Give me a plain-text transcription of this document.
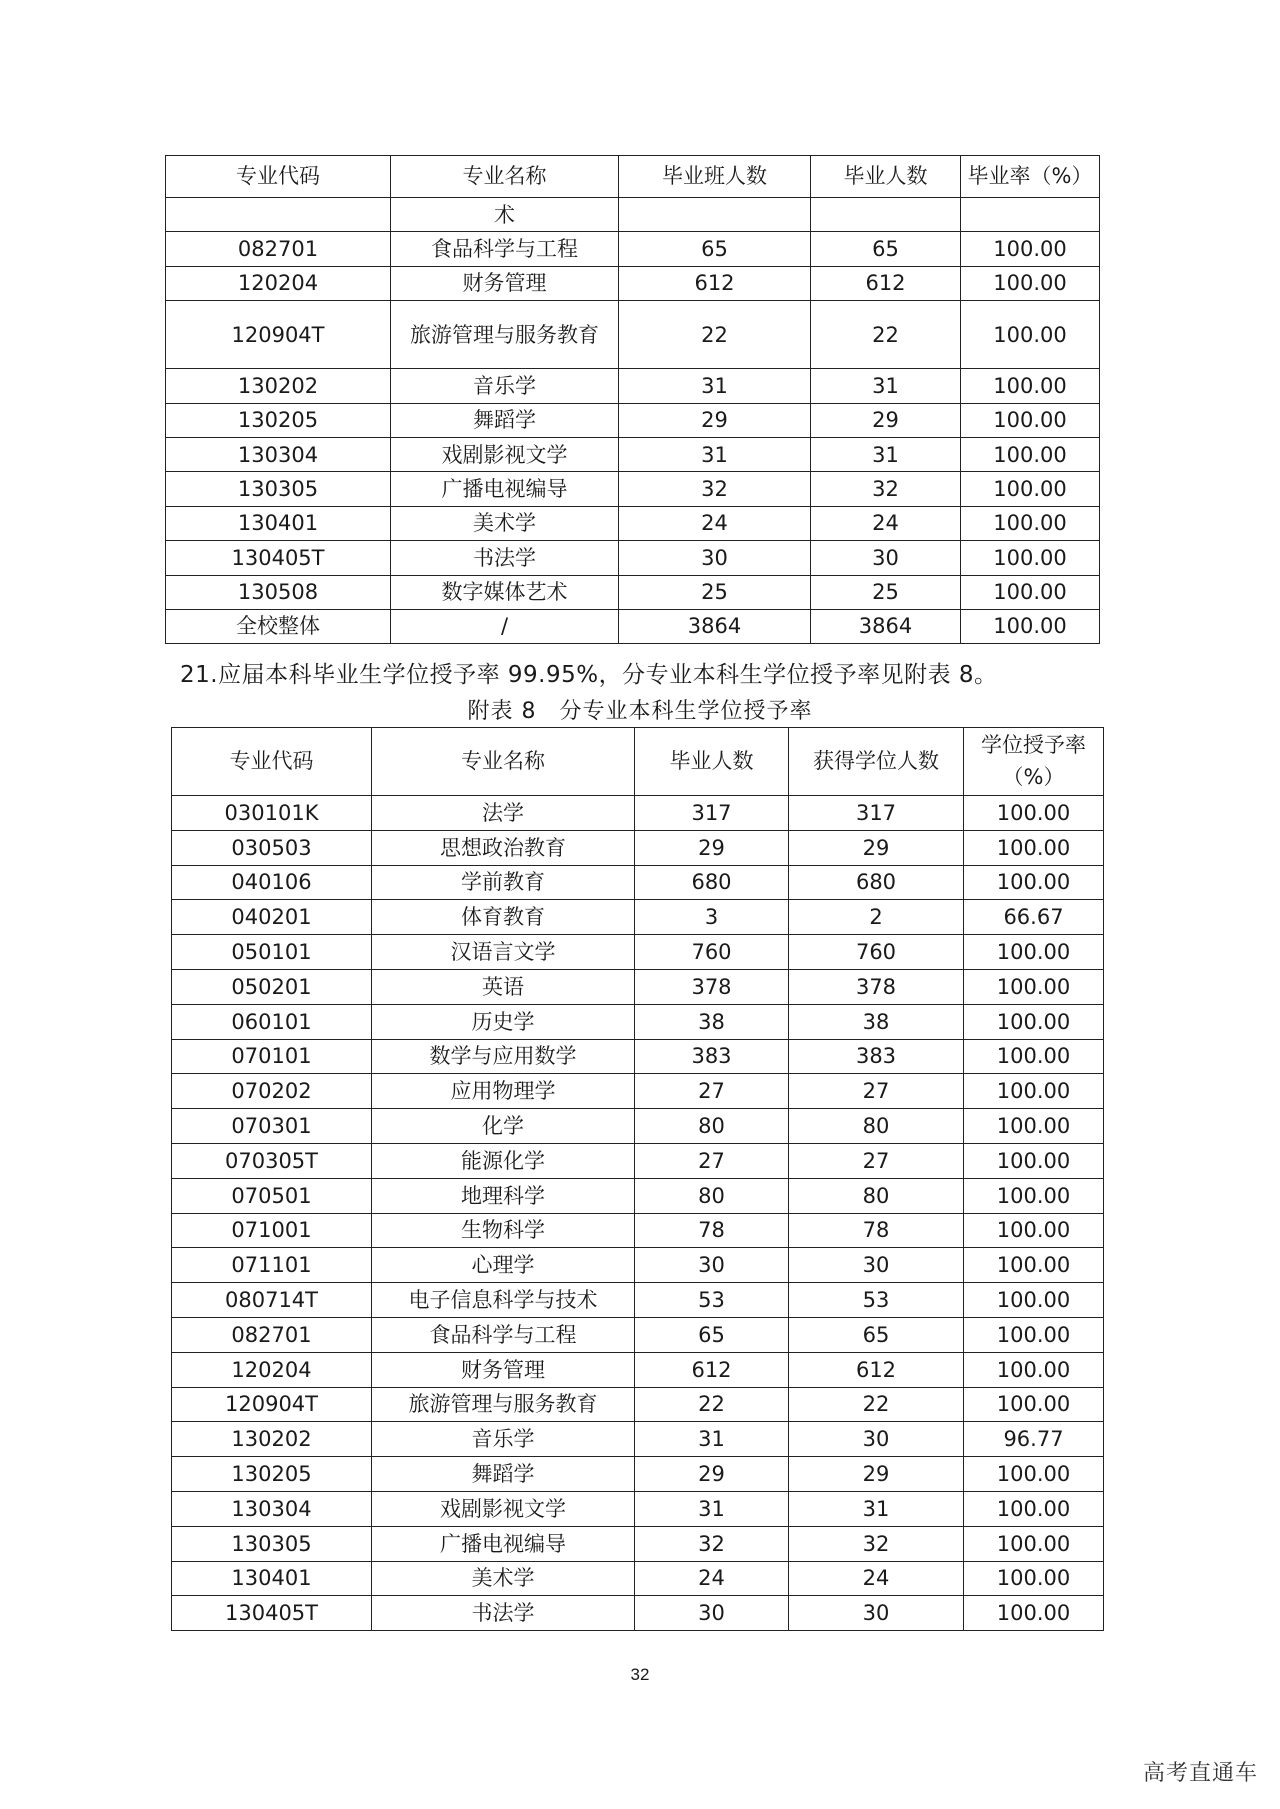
专业代码	专业名称	毕业班人数	毕业人数	毕业率（%）
	术			
082701	食品科学与工程	65	65	100.00
120204	财务管理	612	612	100.00
120904T	旅游管理与服务教育	22	22	100.00
130202	音乐学	31	31	100.00
130205	舞蹈学	29	29	100.00
130304	戏剧影视文学	31	31	100.00
130305	广播电视编导	32	32	100.00
130401	美术学	24	24	100.00
130405T	书法学	30	30	100.00
130508	数字媒体艺术	25	25	100.00
全校整体	/	3864	3864	100.00
21.应届本科毕业生学位授予率 99.95%，分专业本科生学位授予率见附表 8。
附表 8　分专业本科生学位授予率
专业代码	专业名称	毕业人数	获得学位人数	学位授予率（%）
030101K	法学	317	317	100.00
030503	思想政治教育	29	29	100.00
040106	学前教育	680	680	100.00
040201	体育教育	3	2	66.67
050101	汉语言文学	760	760	100.00
050201	英语	378	378	100.00
060101	历史学	38	38	100.00
070101	数学与应用数学	383	383	100.00
070202	应用物理学	27	27	100.00
070301	化学	80	80	100.00
070305T	能源化学	27	27	100.00
070501	地理科学	80	80	100.00
071001	生物科学	78	78	100.00
071101	心理学	30	30	100.00
080714T	电子信息科学与技术	53	53	100.00
082701	食品科学与工程	65	65	100.00
120204	财务管理	612	612	100.00
120904T	旅游管理与服务教育	22	22	100.00
130202	音乐学	31	30	96.77
130205	舞蹈学	29	29	100.00
130304	戏剧影视文学	31	31	100.00
130305	广播电视编导	32	32	100.00
130401	美术学	24	24	100.00
130405T	书法学	30	30	100.00
32
高考直通车
